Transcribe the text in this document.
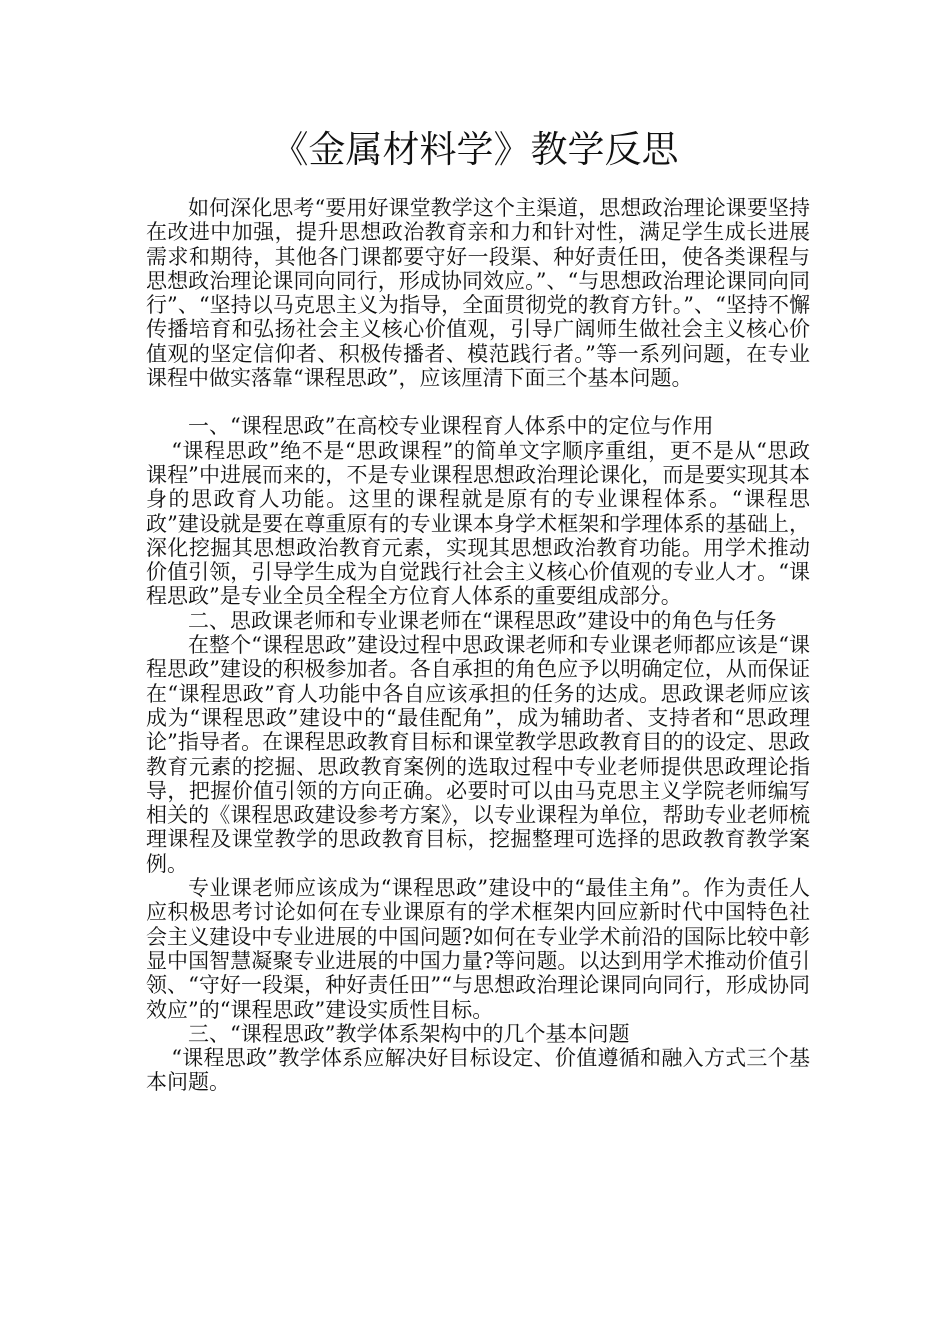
《金属材料学》教学反思

如何深化思考“要用好课堂教学这个主渠道，思想政治理论课要坚持在改进中加强，提升思想政治教育亲和力和针对性，满足学生成长进展需求和期待，其他各门课都要守好一段渠、种好责任田，使各类课程与思想政治理论课同向同行，形成协同效应。”、“与思想政治理论课同向同行”、“坚持以马克思主义为指导，全面贯彻党的教育方针。”、“坚持不懈传播培育和弘扬社会主义核心价值观，引导广阔师生做社会主义核心价值观的坚定信仰者、积极传播者、模范践行者。”等一系列问题，在专业课程中做实落靠“课程思政”，应该厘清下面三个基本问题。

一、“课程思政”在高校专业课程育人体系中的定位与作用

“课程思政”绝不是“思政课程”的简单文字顺序重组，更不是从“思政课程”中进展而来的，不是专业课程思想政治理论课化，而是要实现其本身的思政育人功能。这里的课程就是原有的专业课程体系。“课程思政”建设就是要在尊重原有的专业课本身学术框架和学理体系的基础上，深化挖掘其思想政治教育元素，实现其思想政治教育功能。用学术推动价值引领，引导学生成为自觉践行社会主义核心价值观的专业人才。“课程思政”是专业全员全程全方位育人体系的重要组成部分。

二、思政课老师和专业课老师在“课程思政”建设中的角色与任务

在整个“课程思政”建设过程中思政课老师和专业课老师都应该是“课程思政”建设的积极参加者。各自承担的角色应予以明确定位，从而保证在“课程思政”育人功能中各自应该承担的任务的达成。思政课老师应该成为“课程思政”建设中的“最佳配角”，成为辅助者、支持者和“思政理论”指导者。在课程思政教育目标和课堂教学思政教育目的的设定、思政教育元素的挖掘、思政教育案例的选取过程中专业老师提供思政理论指导，把握价值引领的方向正确。必要时可以由马克思主义学院老师编写相关的《课程思政建设参考方案》，以专业课程为单位，帮助专业老师梳理课程及课堂教学的思政教育目标，挖掘整理可选择的思政教育教学案例。

专业课老师应该成为“课程思政”建设中的“最佳主角”。作为责任人应积极思考讨论如何在专业课原有的学术框架内回应新时代中国特色社会主义建设中专业进展的中国问题?如何在专业学术前沿的国际比较中彰显中国智慧凝聚专业进展的中国力量?等问题。以达到用学术推动价值引领、“守好一段渠，种好责任田”“与思想政治理论课同向同行，形成协同效应”的“课程思政”建设实质性目标。

三、“课程思政”教学体系架构中的几个基本问题

“课程思政”教学体系应解决好目标设定、价值遵循和融入方式三个基本问题。
